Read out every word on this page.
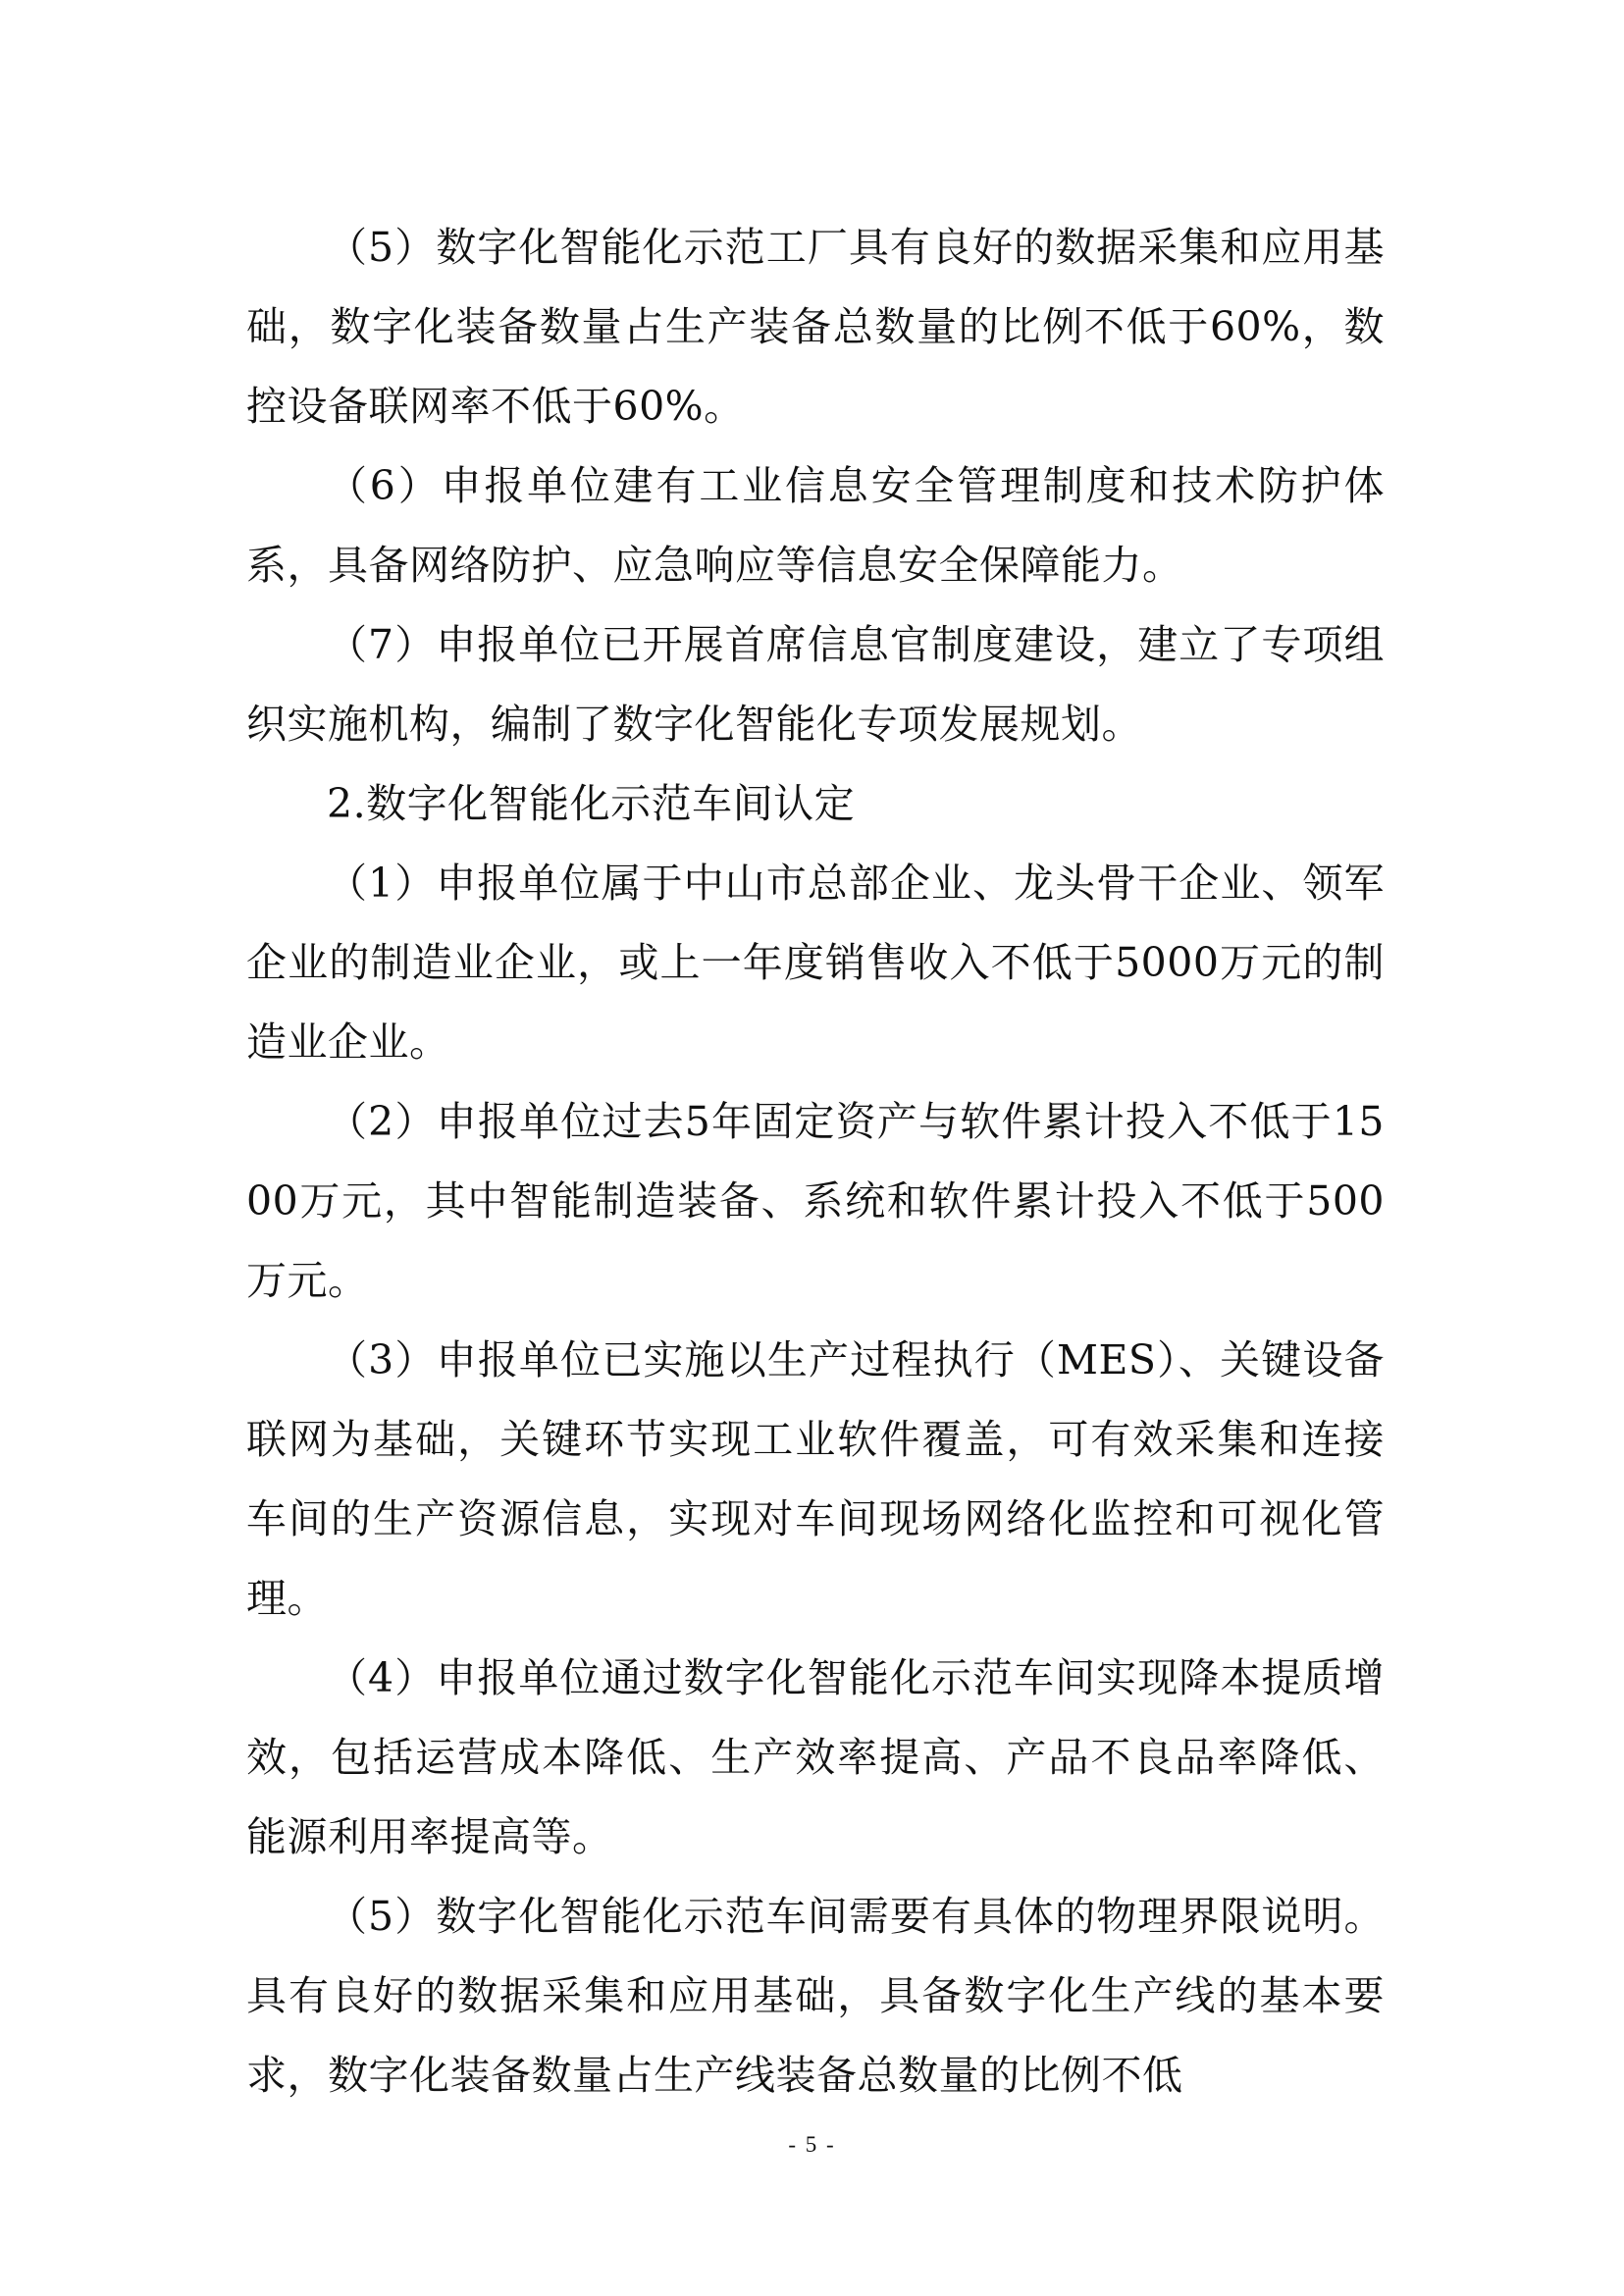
（5）数字化智能化示范工厂具有良好的数据采集和应用基础，数字化装备数量占生产装备总数量的比例不低于60%，数控设备联网率不低于60%。

（6）申报单位建有工业信息安全管理制度和技术防护体系，具备网络防护、应急响应等信息安全保障能力。

（7）申报单位已开展首席信息官制度建设，建立了专项组织实施机构，编制了数字化智能化专项发展规划。

2.数字化智能化示范车间认定

（1）申报单位属于中山市总部企业、龙头骨干企业、领军企业的制造业企业，或上一年度销售收入不低于5000万元的制造业企业。

（2）申报单位过去5年固定资产与软件累计投入不低于1500万元，其中智能制造装备、系统和软件累计投入不低于500万元。

（3）申报单位已实施以生产过程执行（MES）、关键设备联网为基础，关键环节实现工业软件覆盖，可有效采集和连接车间的生产资源信息，实现对车间现场网络化监控和可视化管理。

（4）申报单位通过数字化智能化示范车间实现降本提质增效，包括运营成本降低、生产效率提高、产品不良品率降低、能源利用率提高等。

（5）数字化智能化示范车间需要有具体的物理界限说明。具有良好的数据采集和应用基础，具备数字化生产线的基本要求，数字化装备数量占生产线装备总数量的比例不低

- 5 -
